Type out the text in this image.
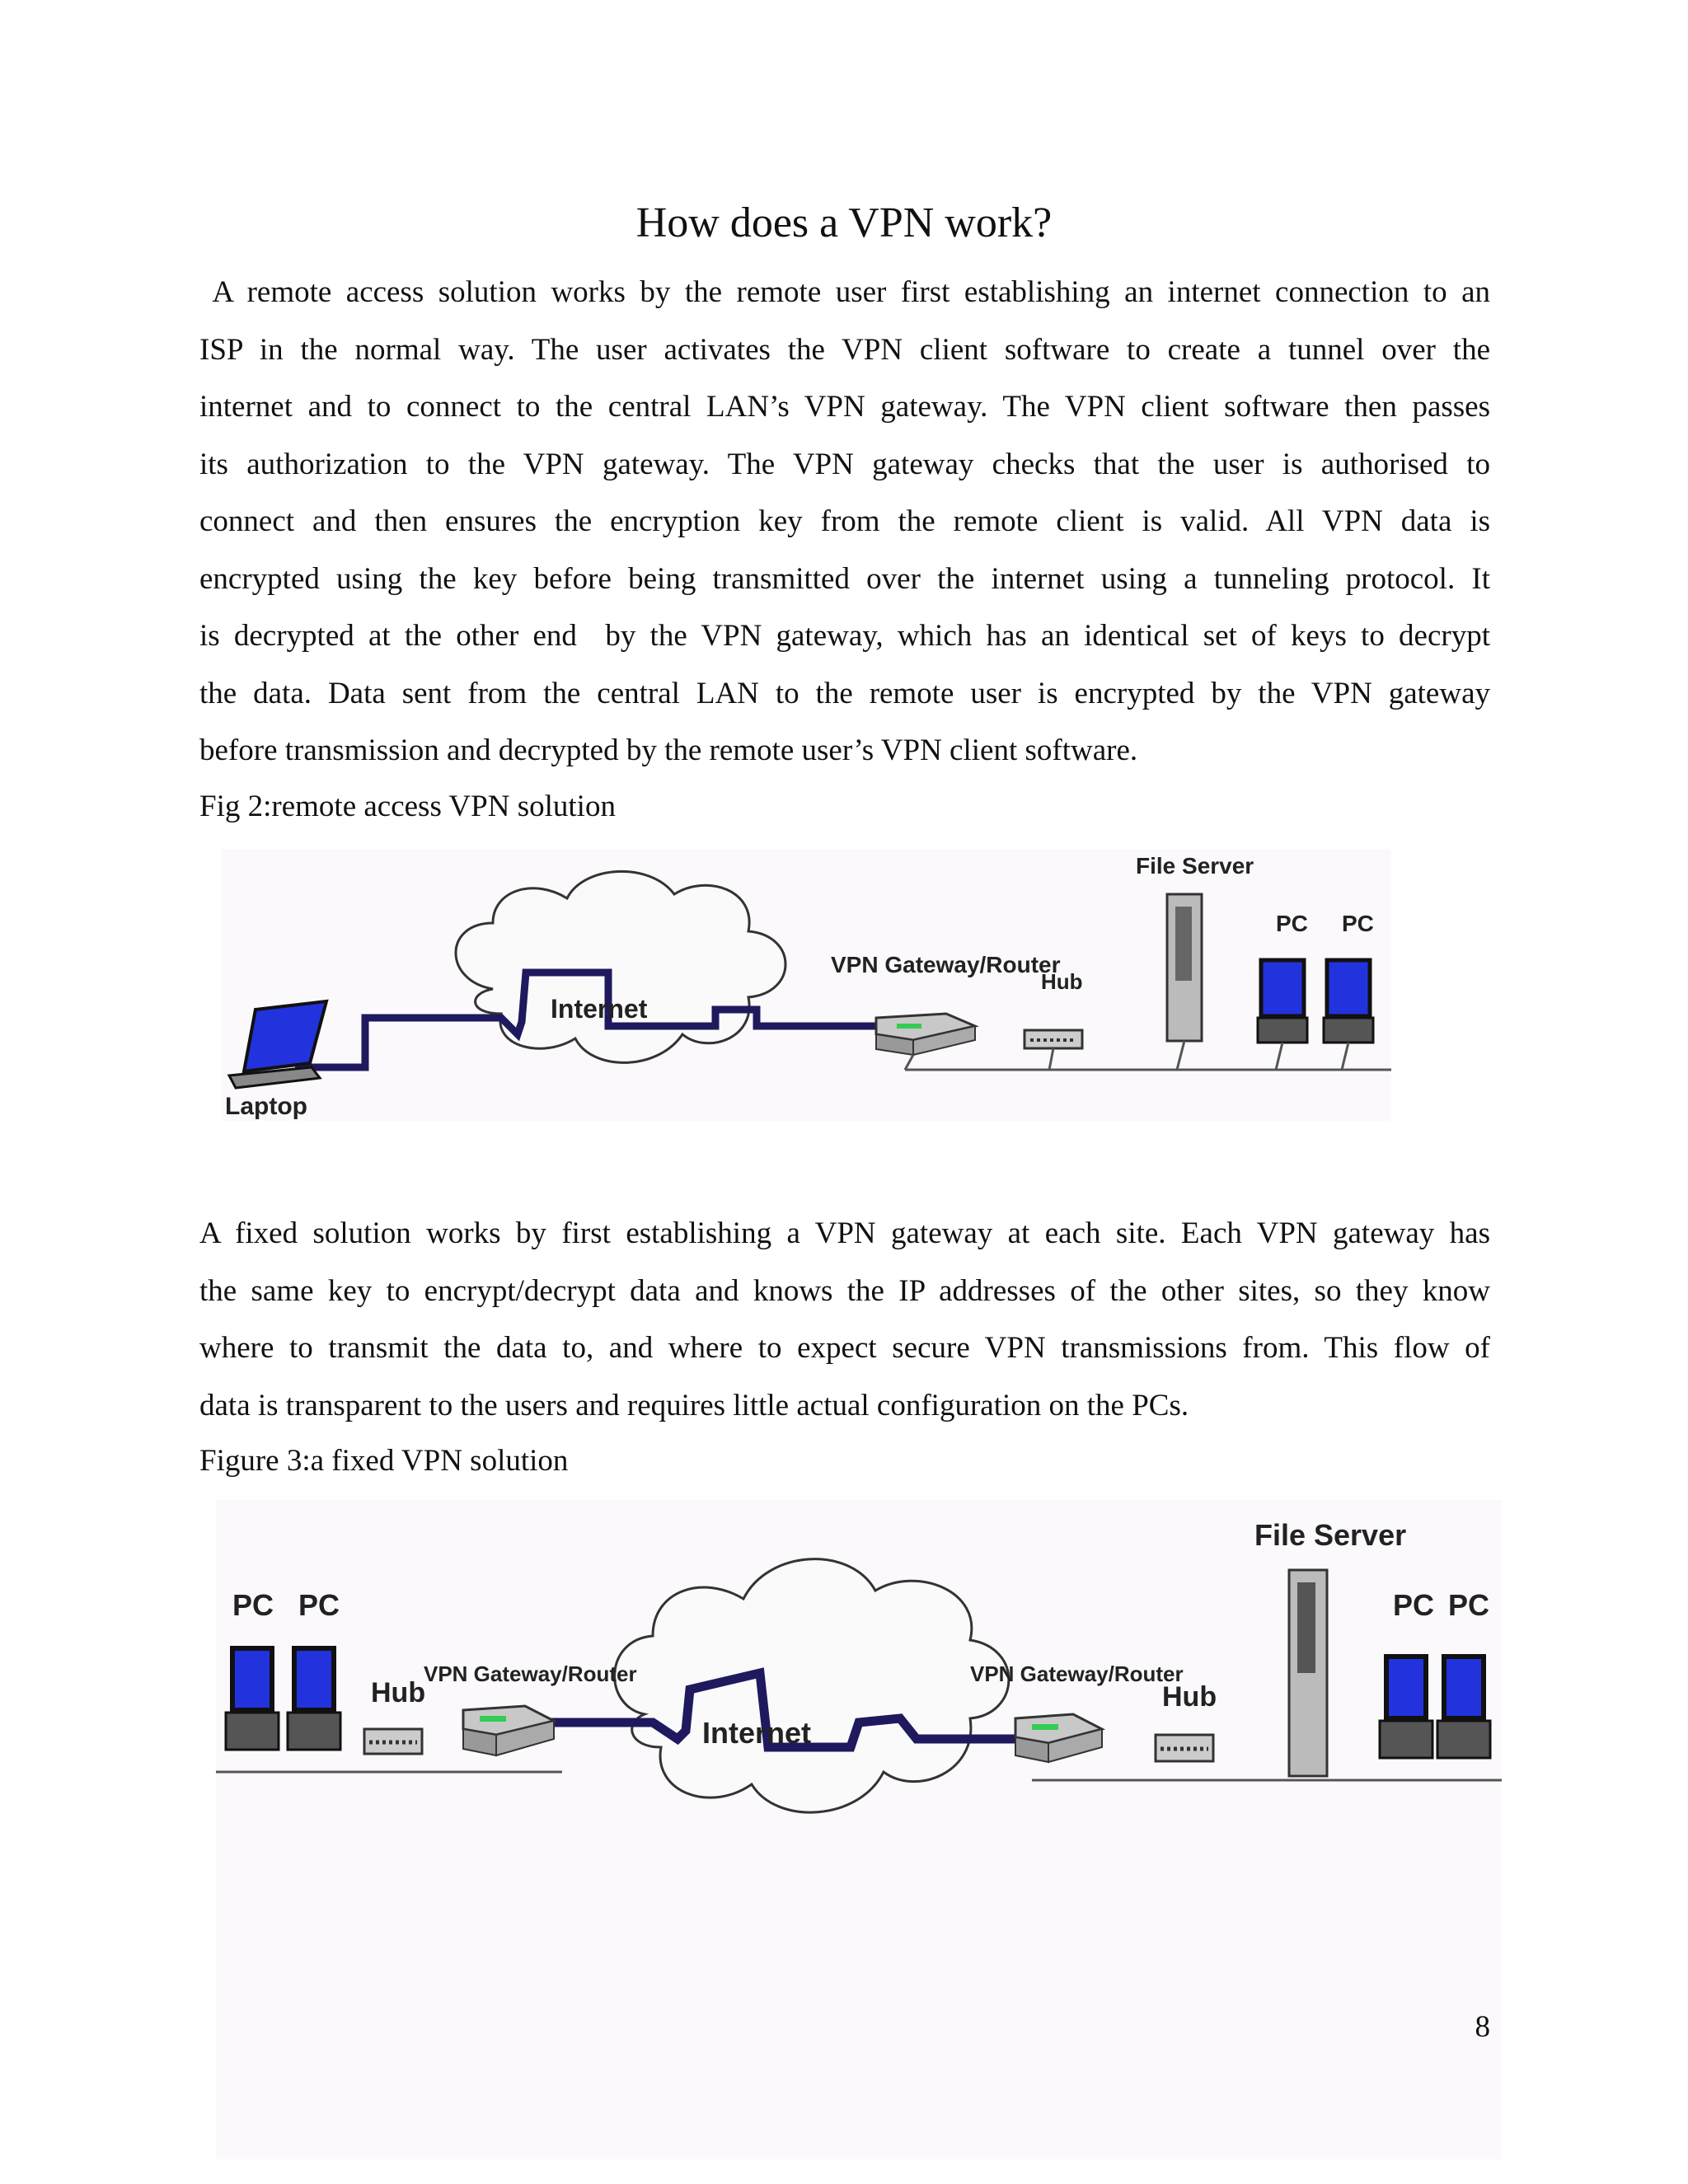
How does a VPN work?

A remote access solution works by the remote user first establishing an internet connection to an
ISP in the normal way. The user activates the VPN client software to create a tunnel over the
internet and to connect to the central LAN’s VPN gateway. The VPN client software then passes
its authorization to the VPN gateway. The VPN gateway checks that the user is authorised to
connect and then ensures the encryption key from the remote client is valid. All VPN data is
encrypted using the key before being transmitted over the internet using a tunneling protocol. It
is decrypted at the other end  by the VPN gateway, which has an identical set of keys to decrypt
the data. Data sent from the central LAN to the remote user is encrypted by the VPN gateway
before transmission and decrypted by the remote user’s VPN client software.

Fig 2:remote access VPN solution
Laptop
Internet
VPN Gateway/Router
Hub
File Server
PC PC

A fixed solution works by first establishing a VPN gateway at each site. Each VPN gateway has
the same key to encrypt/decrypt data and knows the IP addresses of the other sites, so they know
where to transmit the data to, and where to expect secure VPN transmissions from. This flow of
data is transparent to the users and requires little actual configuration on the PCs.

Figure 3:a fixed VPN solution
Internet
PC PC
Hub
VPN Gateway/Router	VPN Gateway/Router
Hub
File Server
PC PC
8
